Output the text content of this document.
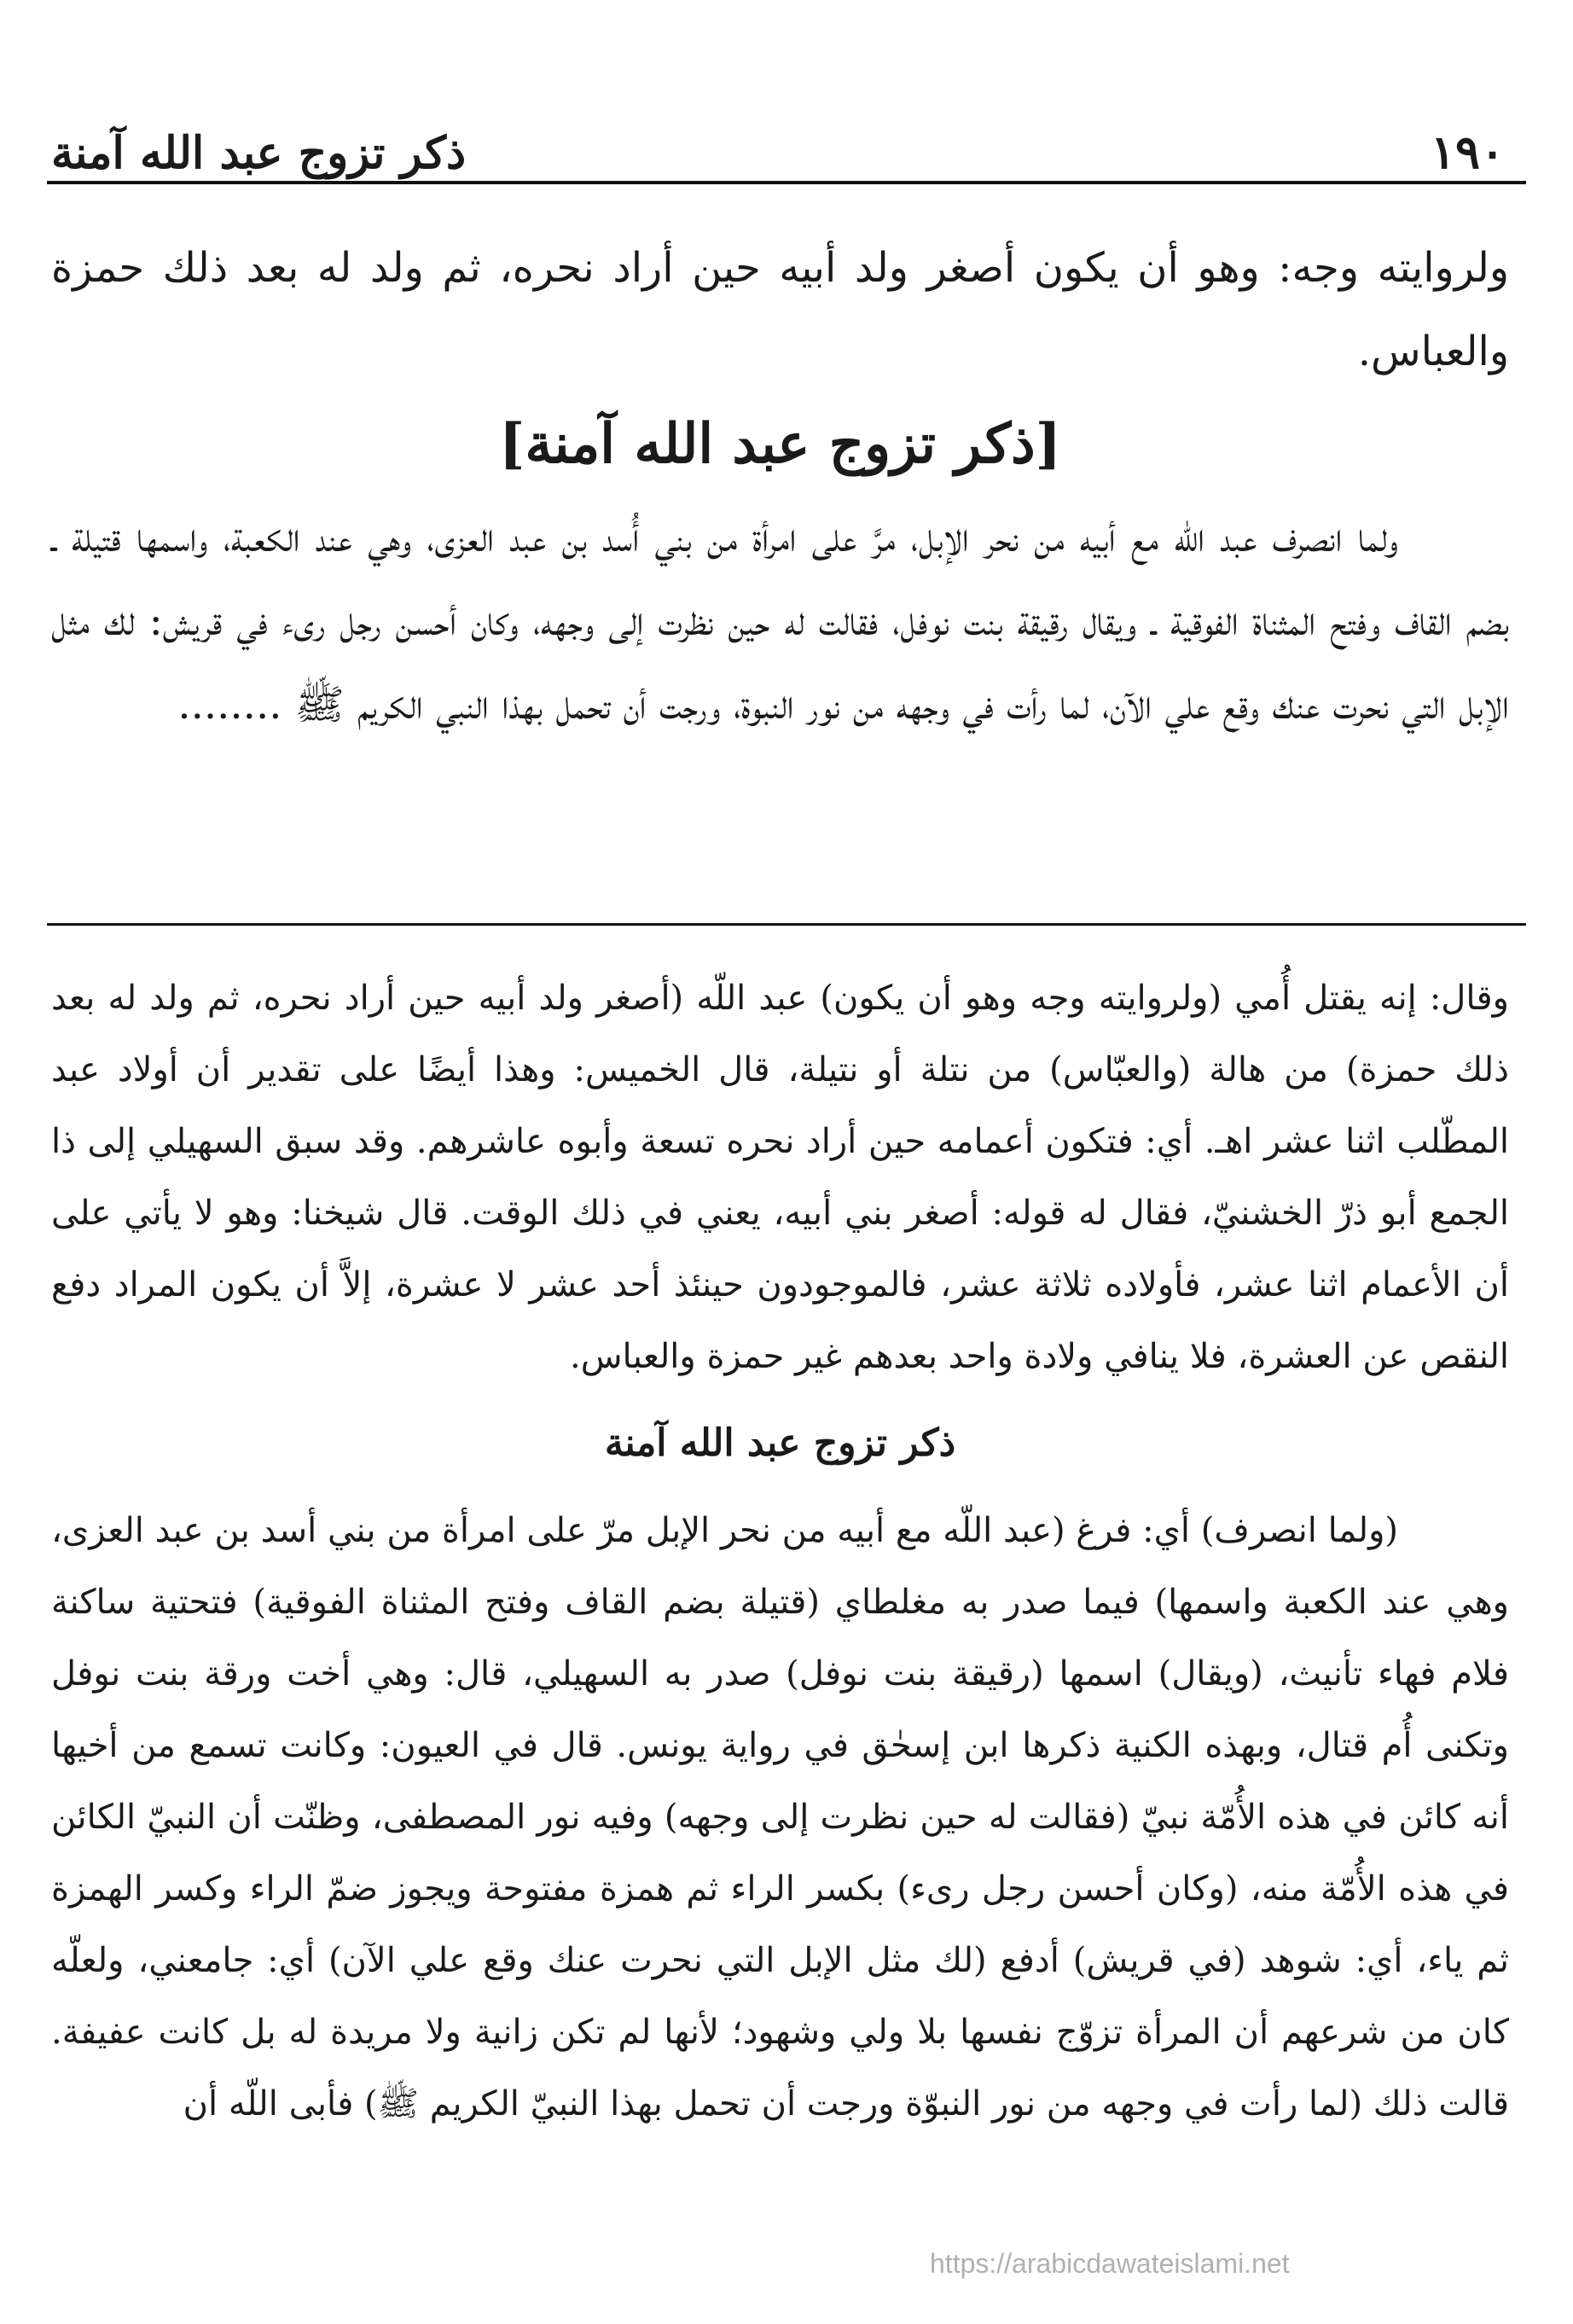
١٩٠
ذكر تزوج عبد الله آمنة

ولروايته وجه: وهو أن يكون أصغر ولد أبيه حين أراد نحره، ثم ولد له بعد ذلك حمزة والعباس.

[ذكر تزوج عبد الله آمنة]

ولما انصرف عبد الله مع أبيه من نحر الإبل، مرَّ على امرأة من بني أُسد بن عبد العزى، وهي عند الكعبة، واسمها قتيلة ـ بضم القاف وفتح المثناة الفوقية ـ ويقال رقيقة بنت نوفل، فقالت له حين نظرت إلى وجهه، وكان أحسن رجل رىء في قريش: لك مثل الإبل التي نحرت عنك وقع علي الآن، لما رأت في وجهه من نور النبوة، ورجت أن تحمل بهذا النبي الكريم ﷺ ........

وقال: إنه يقتل أُمي (ولروايته وجه وهو أن يكون) عبد اللّه (أصغر ولد أبيه حين أراد نحره، ثم ولد له بعد ذلك حمزة) من هالة (والعبّاس) من نتلة أو نتيلة، قال الخميس: وهذا أيضًا على تقدير أن أولاد عبد المطّلب اثنا عشر اهـ. أي: فتكون أعمامه حين أراد نحره تسعة وأبوه عاشرهم. وقد سبق السهيلي إلى ذا الجمع أبو ذرّ الخشنيّ، فقال له قوله: أصغر بني أبيه، يعني في ذلك الوقت. قال شيخنا: وهو لا يأتي على أن الأعمام اثنا عشر، فأولاده ثلاثة عشر، فالموجودون حينئذ أحد عشر لا عشرة، إلاَّ أن يكون المراد دفع النقص عن العشرة، فلا ينافي ولادة واحد بعدهم غير حمزة والعباس.

ذكر تزوج عبد الله آمنة

(ولما انصرف) أي: فرغ (عبد اللّه مع أبيه من نحر الإبل مرّ على امرأة من بني أسد بن عبد العزى، وهي عند الكعبة واسمها) فيما صدر به مغلطاي (قتيلة بضم القاف وفتح المثناة الفوقية) فتحتية ساكنة فلام فهاء تأنيث، (ويقال) اسمها (رقيقة بنت نوفل) صدر به السهيلي، قال: وهي أخت ورقة بنت نوفل وتكنى أُم قتال، وبهذه الكنية ذكرها ابن إسحٰق في رواية يونس. قال في العيون: وكانت تسمع من أخيها أنه كائن في هذه الأُمّة نبيّ (فقالت له حين نظرت إلى وجهه) وفيه نور المصطفى، وظنّت أن النبيّ الكائن في هذه الأُمّة منه، (وكان أحسن رجل رىء) بكسر الراء ثم همزة مفتوحة ويجوز ضمّ الراء وكسر الهمزة ثم ياء، أي: شوهد (في قريش) أدفع (لك مثل الإبل التي نحرت عنك وقع علي الآن) أي: جامعني، ولعلّه كان من شرعهم أن المرأة تزوّج نفسها بلا ولي وشهود؛ لأنها لم تكن زانية ولا مريدة له بل كانت عفيفة. قالت ذلك (لما رأت في وجهه من نور النبوّة ورجت أن تحمل بهذا النبيّ الكريم ﷺ) فأبى اللّه أن

https://arabicdawateislami.net
